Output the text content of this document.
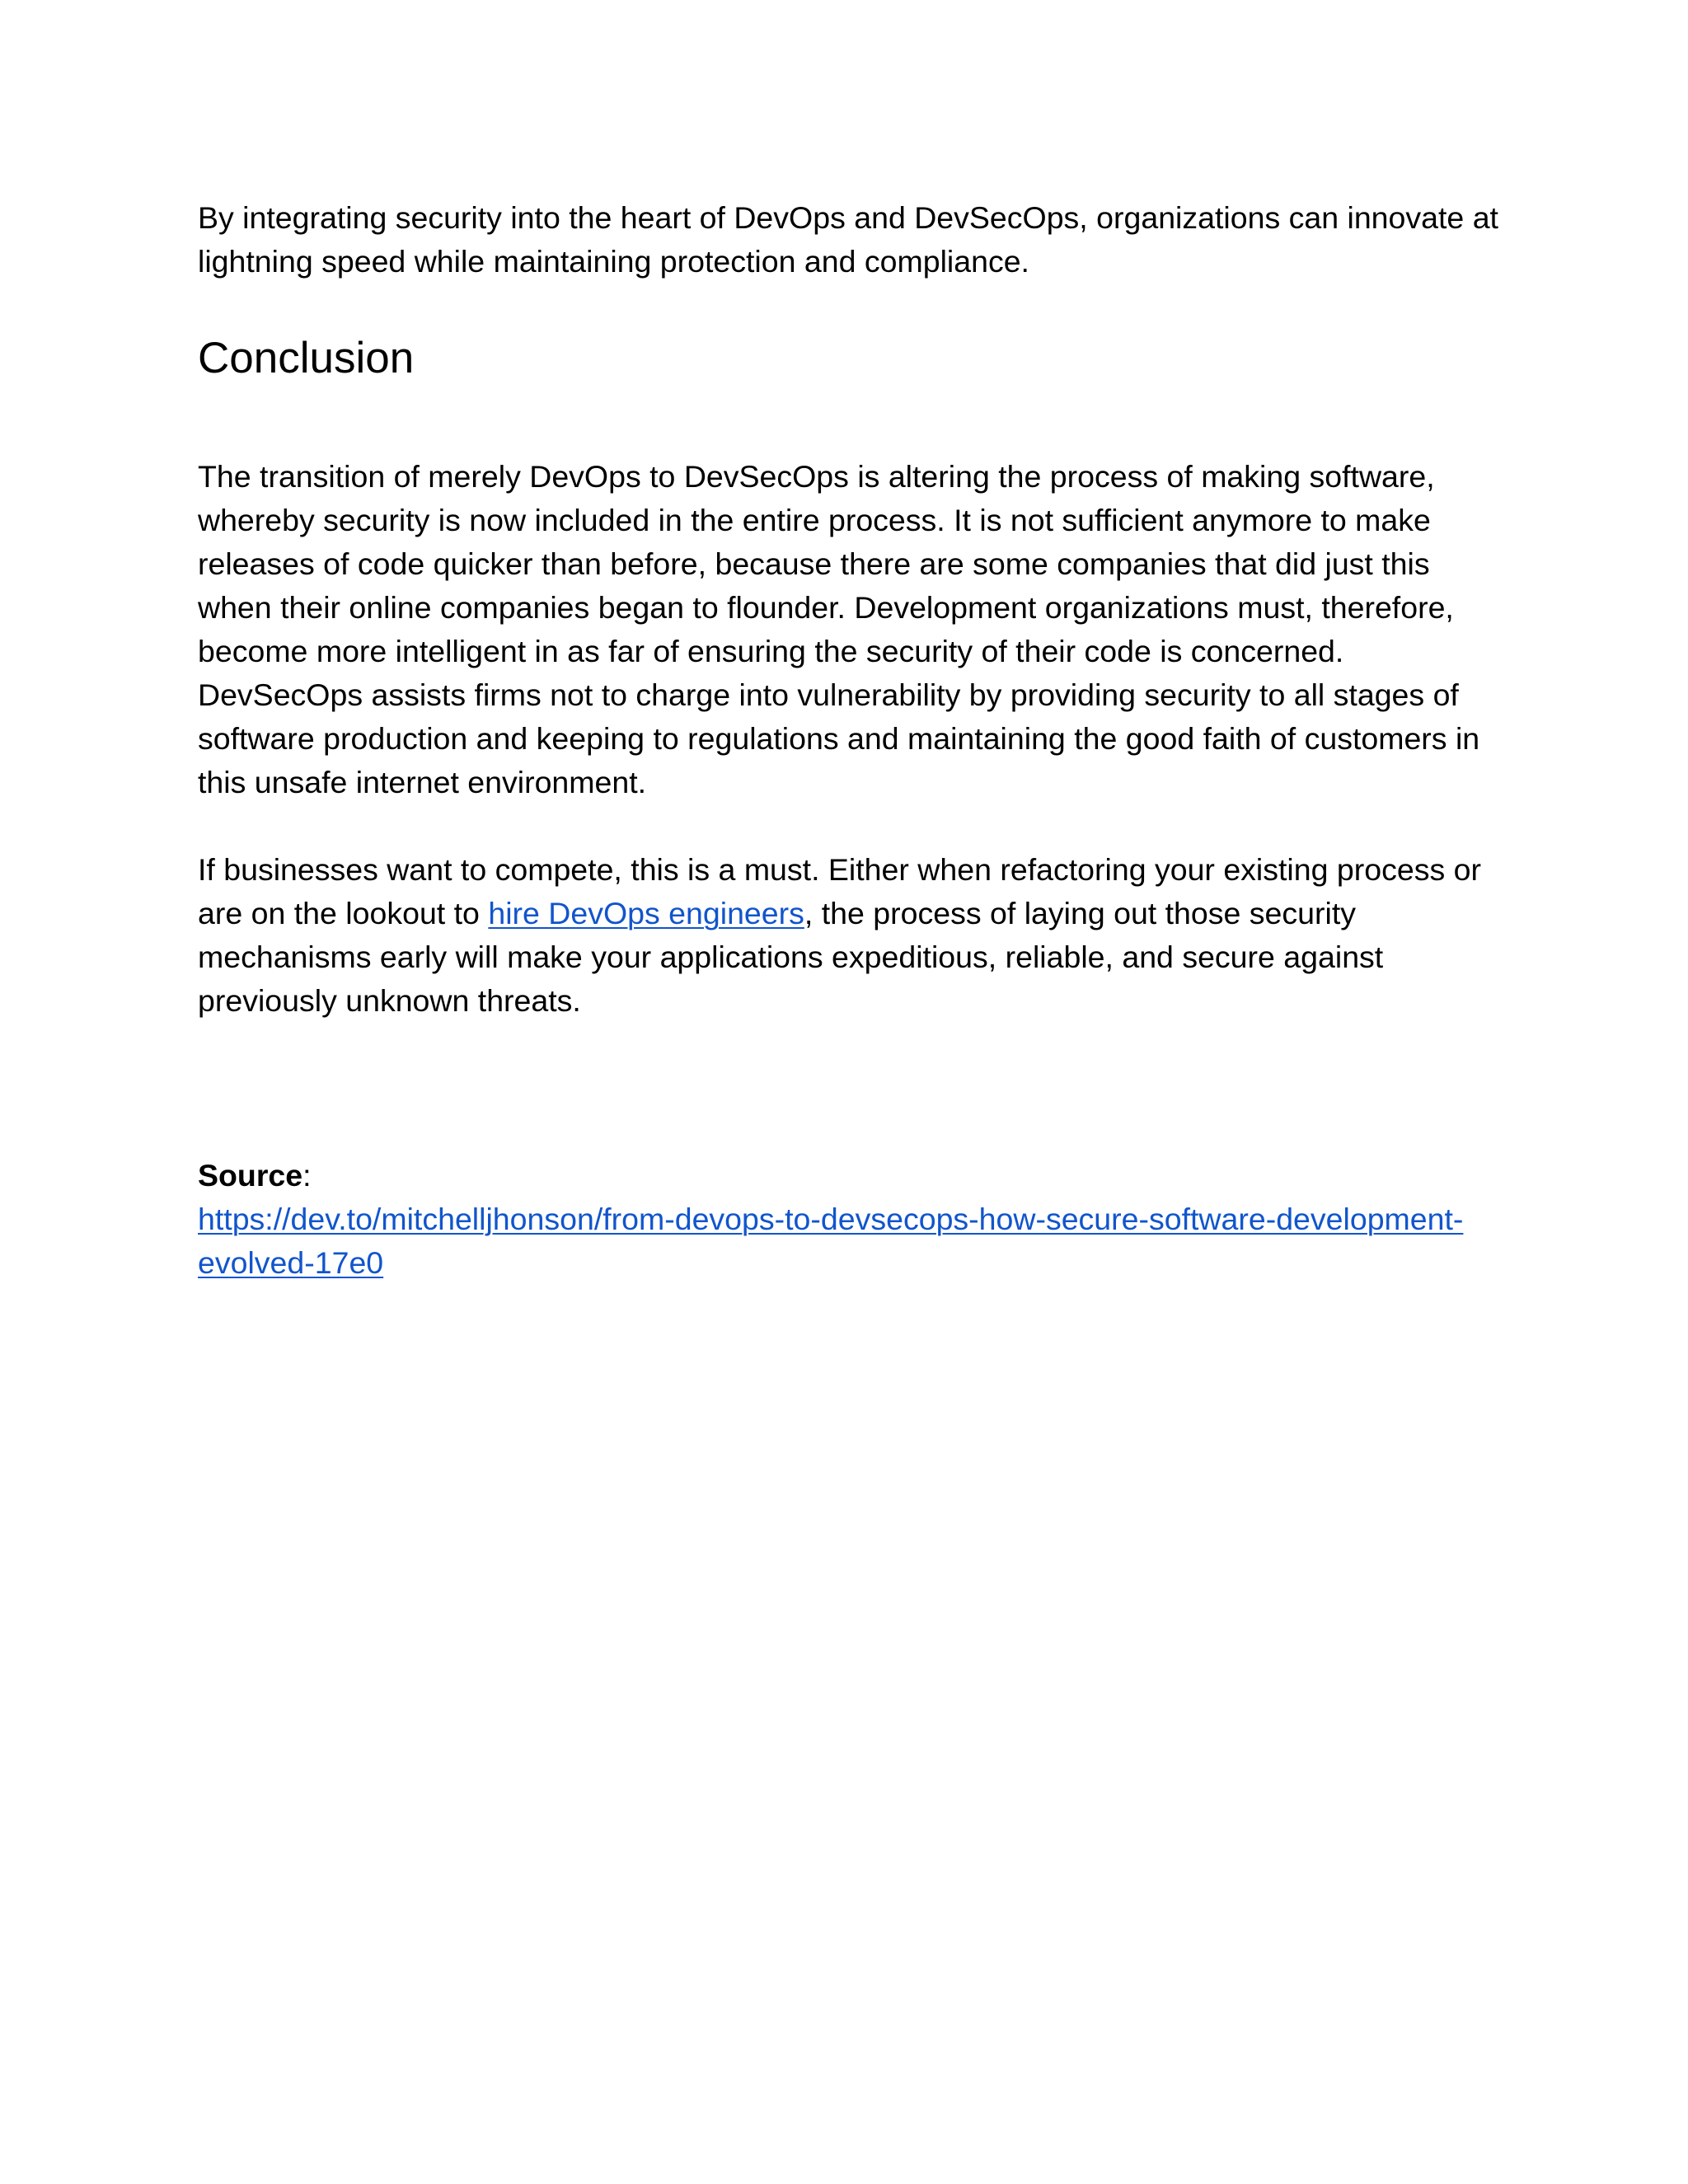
By integrating security into the heart of DevOps and DevSecOps, organizations can innovate at lightning speed while maintaining protection and compliance.

Conclusion

The transition of merely DevOps to DevSecOps is altering the process of making software, whereby security is now included in the entire process. It is not sufficient anymore to make releases of code quicker than before, because there are some companies that did just this when their online companies began to flounder. Development organizations must, therefore, become more intelligent in as far of ensuring the security of their code is concerned. DevSecOps assists firms not to charge into vulnerability by providing security to all stages of software production and keeping to regulations and maintaining the good faith of customers in this unsafe internet environment.

If businesses want to compete, this is a must. Either when refactoring your existing process or are on the lookout to hire DevOps engineers, the process of laying out those security mechanisms early will make your applications expeditious, reliable, and secure against previously unknown threats.

Source:

https://dev.to/mitchelljhonson/from-devops-to-devsecops-how-secure-software-development-evolved-17e0
